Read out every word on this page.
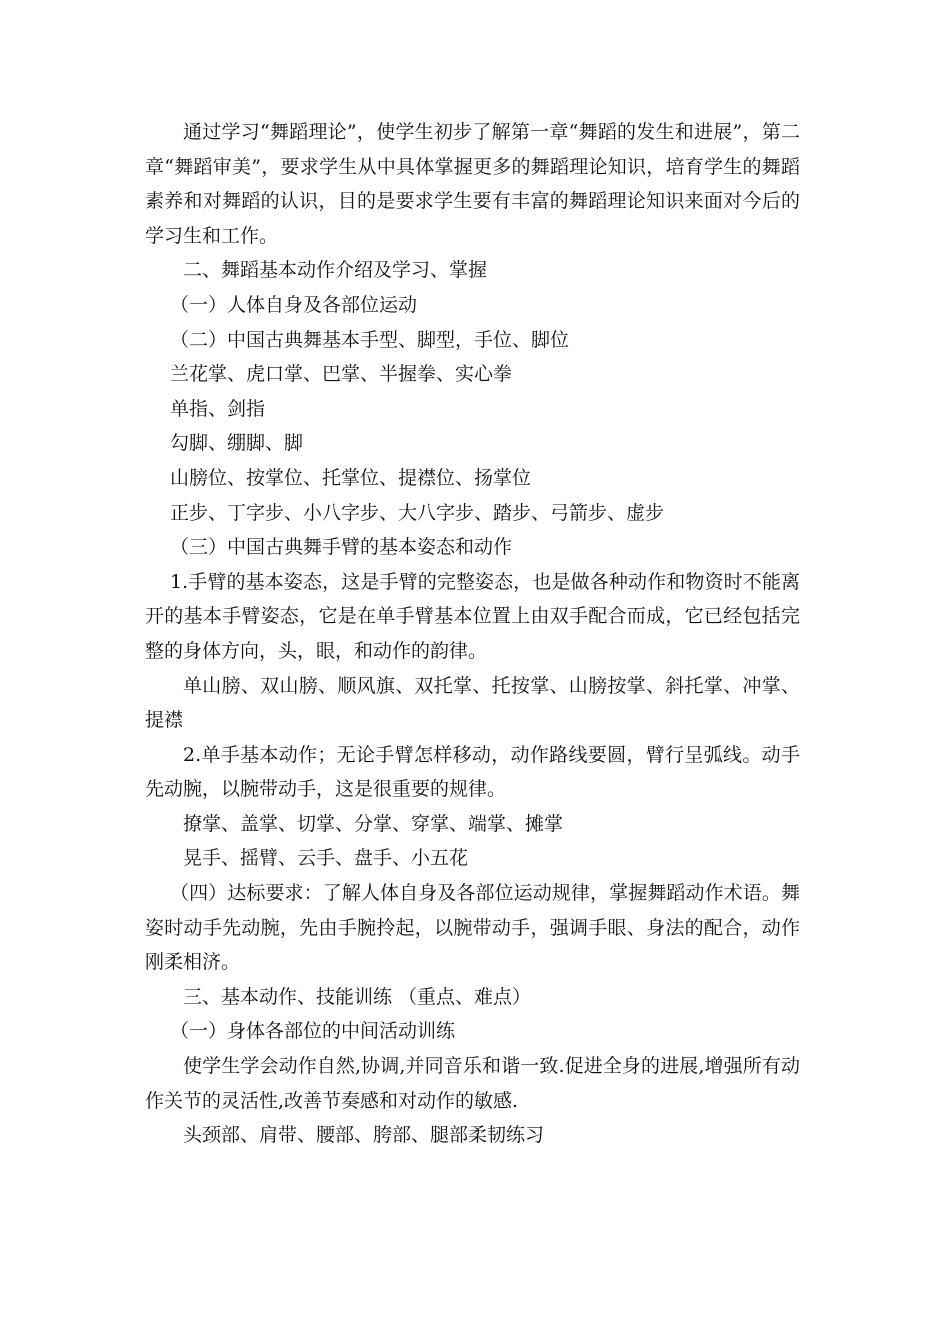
通过学习“舞蹈理论”，使学生初步了解第一章“舞蹈的发生和进展”，第二章“舞蹈审美”，要求学生从中具体掌握更多的舞蹈理论知识，培育学生的舞蹈素养和对舞蹈的认识，目的是要求学生要有丰富的舞蹈理论知识来面对今后的学习生和工作。

二、舞蹈基本动作介绍及学习、掌握

（一）人体自身及各部位运动

（二）中国古典舞基本手型、脚型，手位、脚位

兰花掌、虎口掌、巴掌、半握拳、实心拳

单指、剑指

勾脚、绷脚、脚

山膀位、按掌位、托掌位、提襟位、扬掌位

正步、丁字步、小八字步、大八字步、踏步、弓箭步、虚步

（三）中国古典舞手臂的基本姿态和动作

1.手臂的基本姿态，这是手臂的完整姿态，也是做各种动作和物资时不能离开的基本手臂姿态，它是在单手臂基本位置上由双手配合而成，它已经包括完整的身体方向，头，眼，和动作的韵律。

单山膀、双山膀、顺风旗、双托掌、托按掌、山膀按掌、斜托掌、冲掌、提襟

2.单手基本动作；无论手臂怎样移动，动作路线要圆，臂行呈弧线。动手先动腕，以腕带动手，这是很重要的规律。

撩掌、盖掌、切掌、分掌、穿掌、端掌、摊掌

晃手、摇臂、云手、盘手、小五花

（四）达标要求：了解人体自身及各部位运动规律，掌握舞蹈动作术语。舞姿时动手先动腕，先由手腕拎起，以腕带动手，强调手眼、身法的配合，动作刚柔相济。

三、基本动作、技能训练 （重点、难点）

（一）身体各部位的中间活动训练

使学生学会动作自然,协调,并同音乐和谐一致.促进全身的进展,增强所有动作关节的灵活性,改善节奏感和对动作的敏感.

头颈部、肩带、腰部、胯部、腿部柔韧练习
